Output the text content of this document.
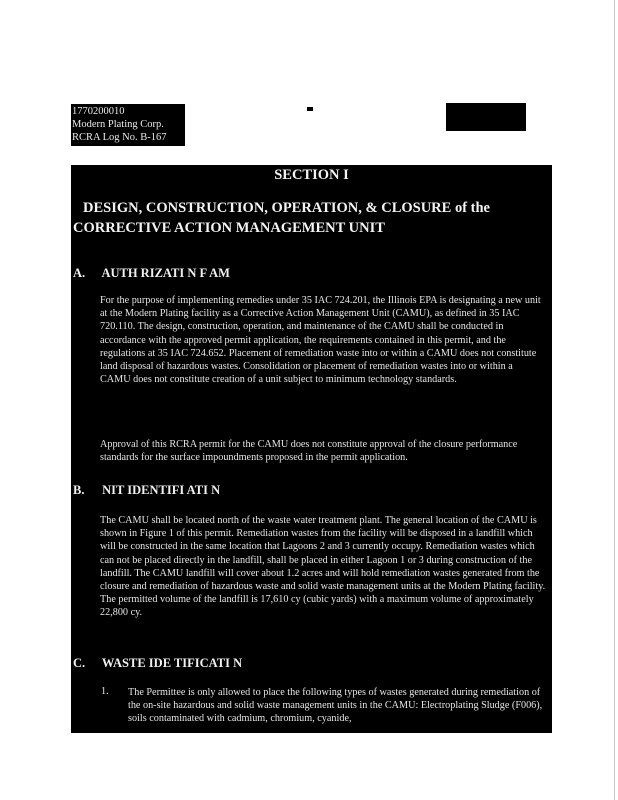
1770200010
Modern Plating Corp.
RCRA Log No. B-167
SECTION I
DESIGN, CONSTRUCTION, OPERATION, & CLOSURE of the
CORRECTIVE ACTION MANAGEMENT UNIT
A. AUTH RIZATI N F AM
For the purpose of implementing remedies under 35 IAC 724.201, the Illinois EPA is designating a new unit at the Modern Plating facility as a Corrective Action Management Unit (CAMU), as defined in 35 IAC 720.110. The design, construction, operation, and maintenance of the CAMU shall be conducted in accordance with the approved permit application, the requirements contained in this permit, and the regulations at 35 IAC 724.652. Placement of remediation waste into or within a CAMU does not constitute land disposal of hazardous wastes. Consolidation or placement of remediation wastes into or within a CAMU does not constitute creation of a unit subject to minimum technology standards.
Approval of this RCRA permit for the CAMU does not constitute approval of the closure performance standards for the surface impoundments proposed in the permit application.
B. NIT IDENTIFI ATI N
The CAMU shall be located north of the waste water treatment plant. The general location of the CAMU is shown in Figure 1 of this permit. Remediation wastes from the facility will be disposed in a landfill which will be constructed in the same location that Lagoons 2 and 3 currently occupy. Remediation wastes which can not be placed directly in the landfill, shall be placed in either Lagoon 1 or 3 during construction of the landfill. The CAMU landfill will cover about 1.2 acres and will hold remediation wastes generated from the closure and remediation of hazardous waste and solid waste management units at the Modern Plating facility. The permitted volume of the landfill is 17,610 cy (cubic yards) with a maximum volume of approximately 22,800 cy.
C. WASTE IDE TIFICATI N
1. The Permittee is only allowed to place the following types of wastes generated during remediation of the on-site hazardous and solid waste management units in the CAMU: Electroplating Sludge (F006), soils contaminated with cadmium, chromium, cyanide,
